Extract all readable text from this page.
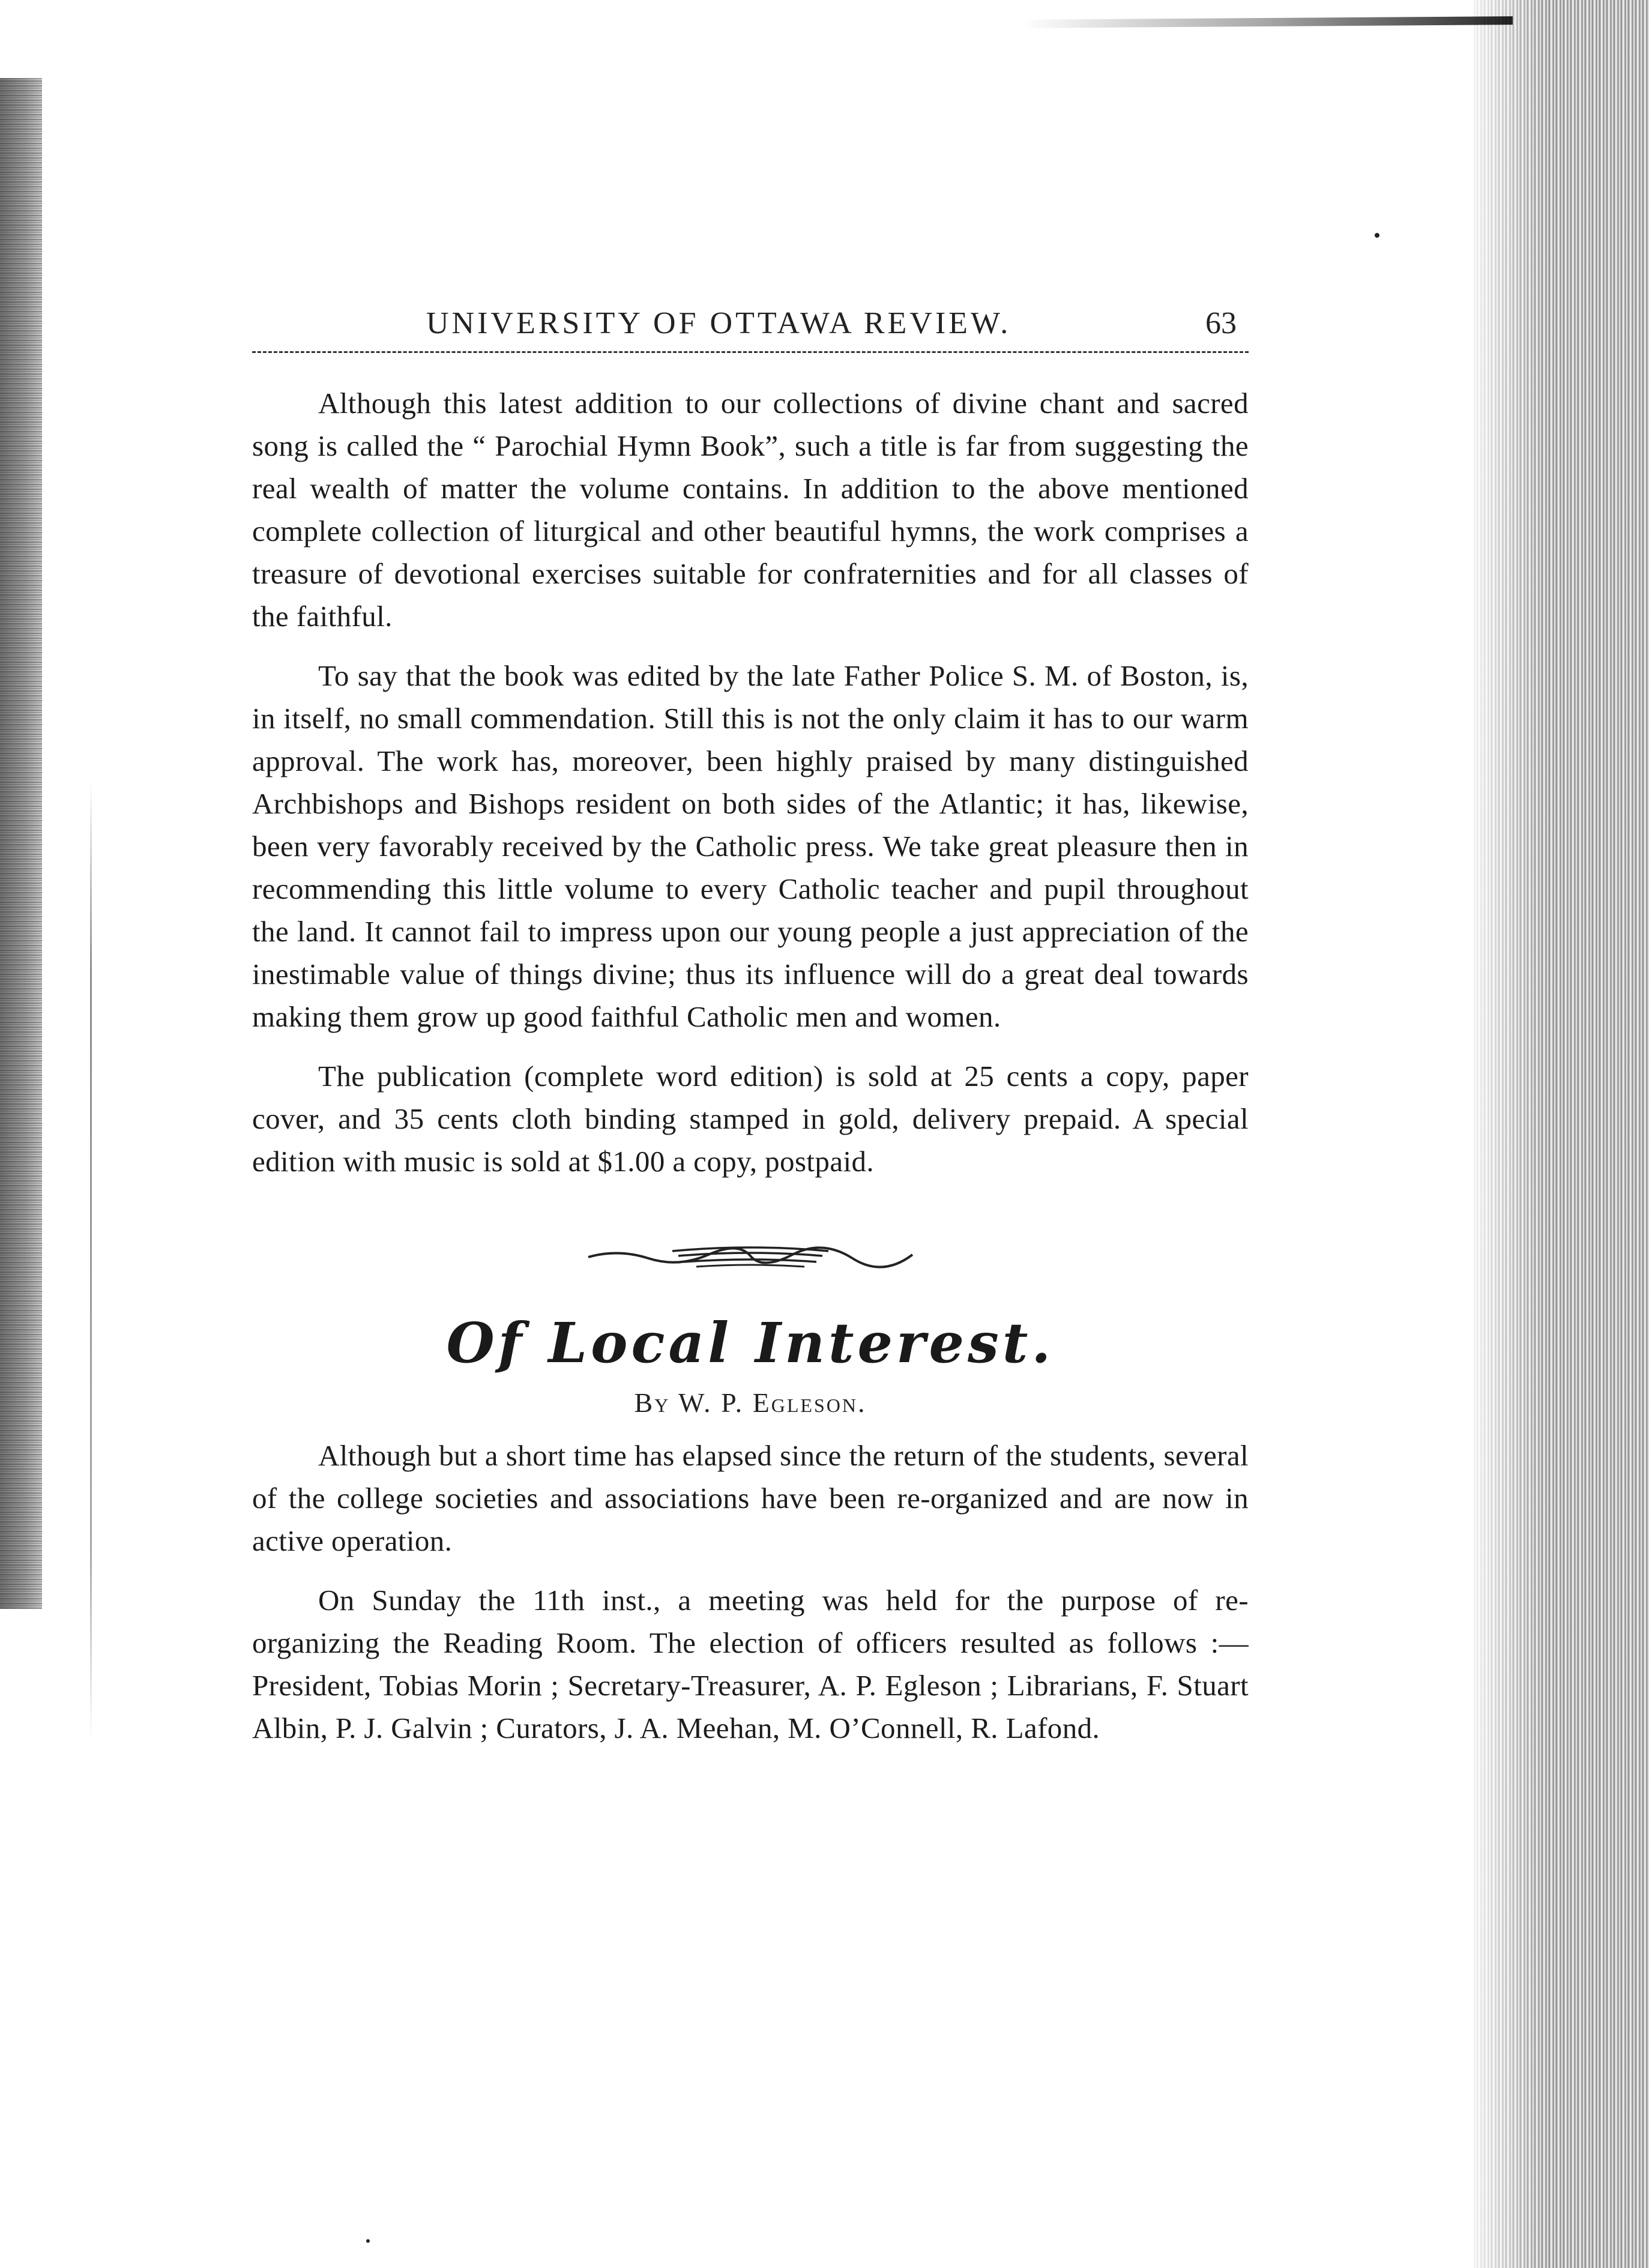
UNIVERSITY OF OTTAWA REVIEW.	63

Although this latest addition to our collections of divine chant and sacred song is called the “ Parochial Hymn Book”, such a title is far from suggesting the real wealth of matter the volume contains. In addition to the above mentioned complete collection of liturgical and other beautiful hymns, the work comprises a treasure of devotional exercises suitable for confraternities and for all classes of the faithful.

To say that the book was edited by the late Father Police S. M. of Boston, is, in itself, no small commendation. Still this is not the only claim it has to our warm approval. The work has, moreover, been highly praised by many distinguished Archbishops and Bishops resident on both sides of the Atlantic; it has, likewise, been very favorably received by the Catholic press. We take great pleasure then in recommending this little volume to every Catholic teacher and pupil throughout the land. It cannot fail to impress upon our young people a just appreciation of the inestimable value of things divine; thus its influence will do a great deal towards making them grow up good faithful Catholic men and women.

The publication (complete word edition) is sold at 25 cents a copy, paper cover, and 35 cents cloth binding stamped in gold, delivery prepaid. A special edition with music is sold at $1.00 a copy, postpaid.

Of Local Interest.
By W. P. Egleson.

Although but a short time has elapsed since the return of the students, several of the college societies and associations have been re-organized and are now in active operation.

On Sunday the 11th inst., a meeting was held for the purpose of re-organizing the Reading Room. The election of officers resulted as follows :—President, Tobias Morin ; Secretary-Treasurer, A. P. Egleson ; Librarians, F. Stuart Albin, P. J. Galvin ; Curators, J. A. Meehan, M. O’Connell, R. Lafond.
